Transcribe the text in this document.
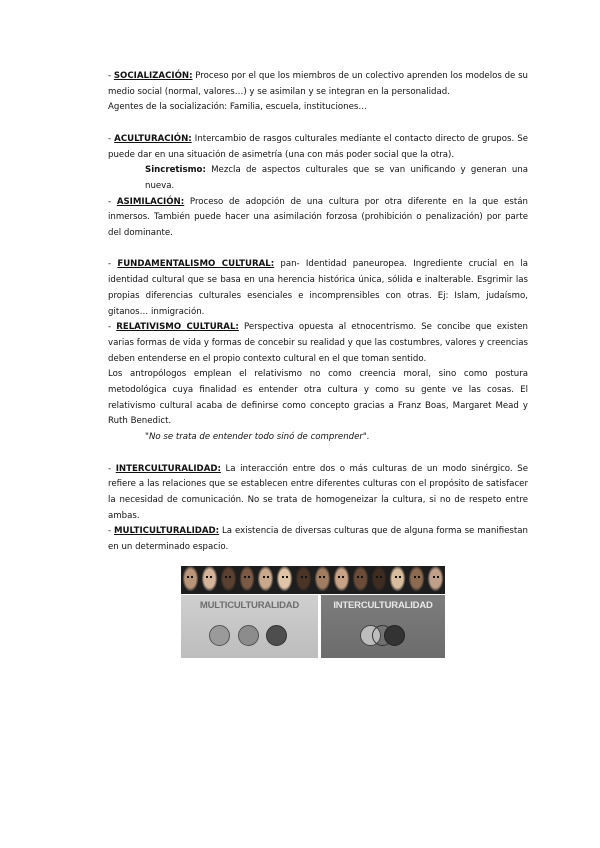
- SOCIALIZACIÓN: Proceso por el que los miembros de un colectivo aprenden los modelos de su medio social (normal, valores…) y se asimilan y se integran en la personalidad.

Agentes de la socialización: Familia, escuela, instituciones…

- ACULTURACIÓN: Intercambio de rasgos culturales mediante el contacto directo de grupos. Se puede dar en una situación de asimetría (una con más poder social que la otra).

Sincretismo: Mezcla de aspectos culturales que se van unificando y generan una nueva.

- ASIMILACIÓN: Proceso de adopción de una cultura por otra diferente en la que están inmersos. También puede hacer una asimilación forzosa (prohibición o penalización) por parte del dominante.

- FUNDAMENTALISMO CULTURAL: pan- Identidad paneuropea. Ingrediente crucial en la identidad cultural que se basa en una herencia histórica única, sólida e inalterable. Esgrimir las propias diferencias culturales esenciales e incomprensibles con otras. Ej: Islam, judaísmo, gitanos… inmigración.

- RELATIVISMO CULTURAL: Perspectiva opuesta al etnocentrismo. Se concibe que existen varias formas de vida y formas de concebir su realidad y que las costumbres, valores y creencias deben entenderse en el propio contexto cultural en el que toman sentido.

Los antropólogos emplean el relativismo no como creencia moral, sino como postura metodológica cuya finalidad es entender otra cultura y como su gente ve las cosas. El relativismo cultural acaba de definirse como concepto gracias a Franz Boas, Margaret Mead y Ruth Benedict.

"No se trata de entender todo sinó de comprender".

- INTERCULTURALIDAD: La interacción entre dos o más culturas de un modo sinérgico. Se refiere a las relaciones que se establecen entre diferentes culturas con el propósito de satisfacer la necesidad de comunicación. No se trata de homogeneizar la cultura, si no de respeto entre ambas.

- MULTICULTURALIDAD: La existencia de diversas culturas que de alguna forma se manifiestan en un determinado espacio.

MULTICULTURALIDAD	INTERCULTURALIDAD
